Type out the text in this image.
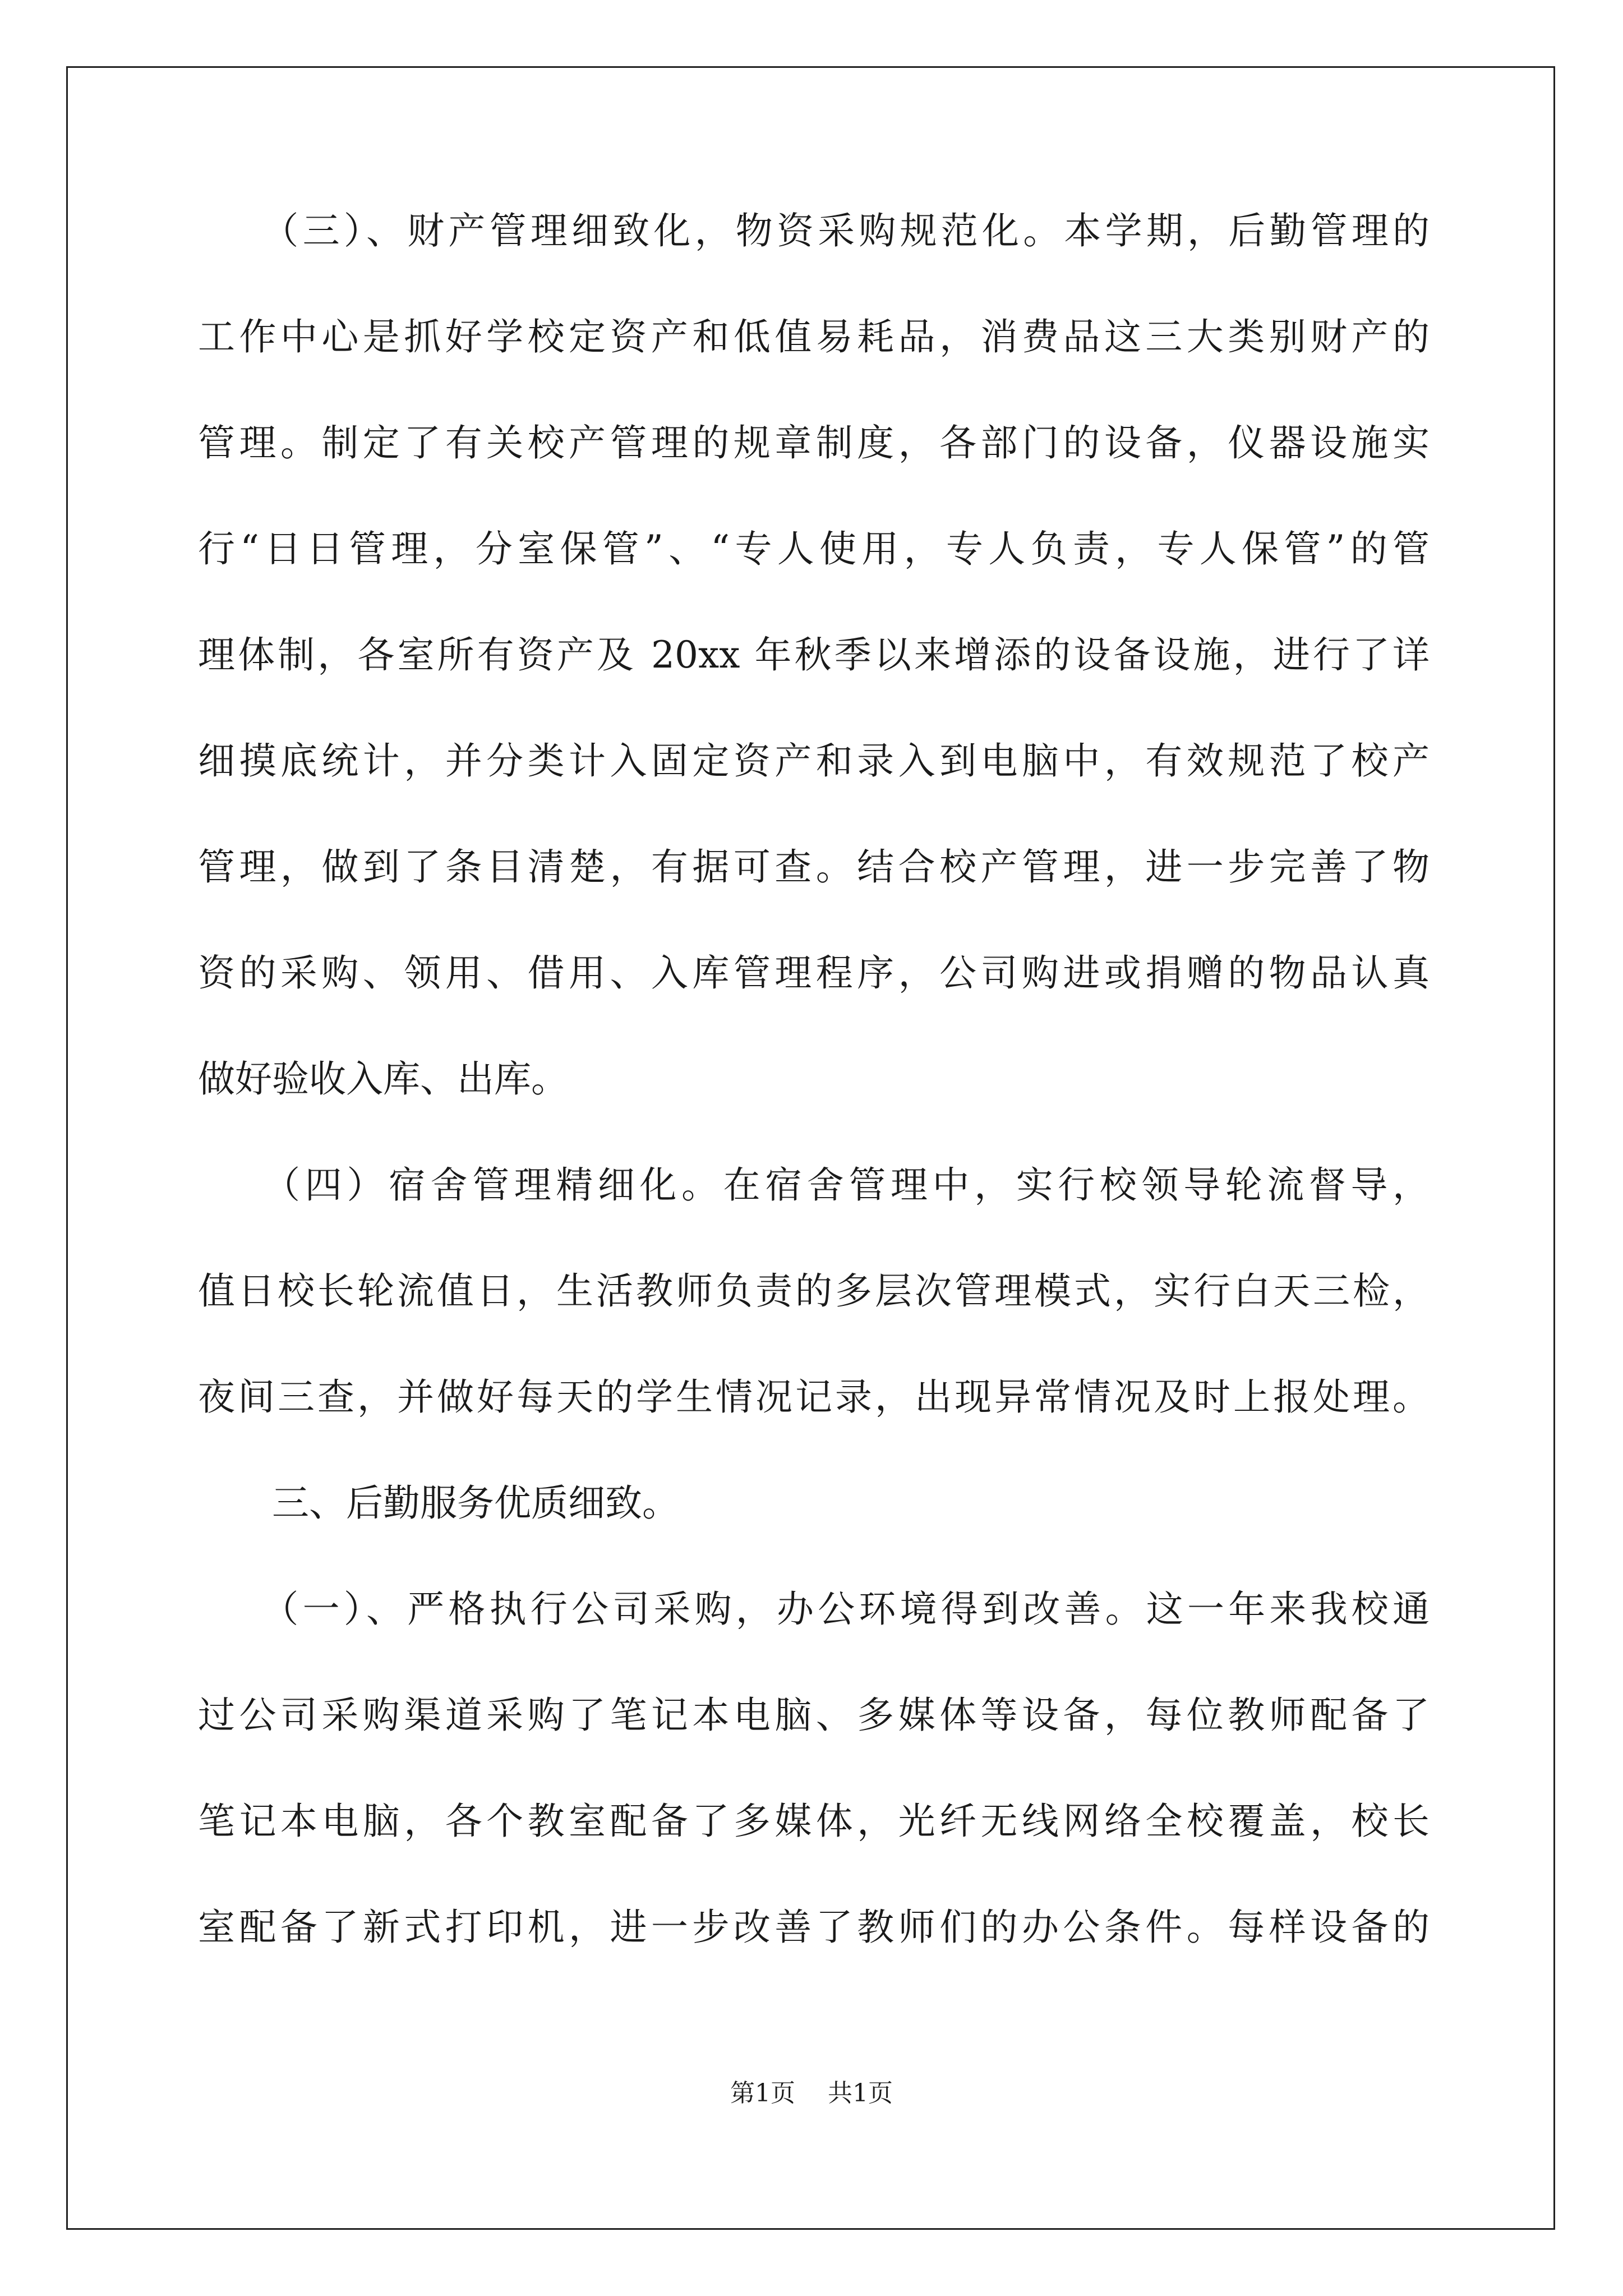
　　（三）、财产管理细致化，物资采购规范化。本学期，后勤管理的
工作中心是抓好学校定资产和低值易耗品，消费品这三大类别财产的
管理。制定了有关校产管理的规章制度，各部门的设备，仪器设施实
行“日日管理，分室保管”、“专人使用，专人负责，专人保管”的管
理体制，各室所有资产及 20xx 年秋季以来增添的设备设施，进行了详
细摸底统计，并分类计入固定资产和录入到电脑中，有效规范了校产
管理，做到了条目清楚，有据可查。结合校产管理，进一步完善了物
资的采购、领用、借用、入库管理程序，公司购进或捐赠的物品认真
做好验收入库、出库。
　　（四）宿舍管理精细化。在宿舍管理中，实行校领导轮流督导，
值日校长轮流值日，生活教师负责的多层次管理模式，实行白天三检，
夜间三查，并做好每天的学生情况记录，出现异常情况及时上报处理。
　　三、后勤服务优质细致。
　　（一）、严格执行公司采购，办公环境得到改善。这一年来我校通
过公司采购渠道采购了笔记本电脑、多媒体等设备，每位教师配备了
笔记本电脑，各个教室配备了多媒体，光纤无线网络全校覆盖，校长
室配备了新式打印机，进一步改善了教师们的办公条件。每样设备的
第1页　 共1页
